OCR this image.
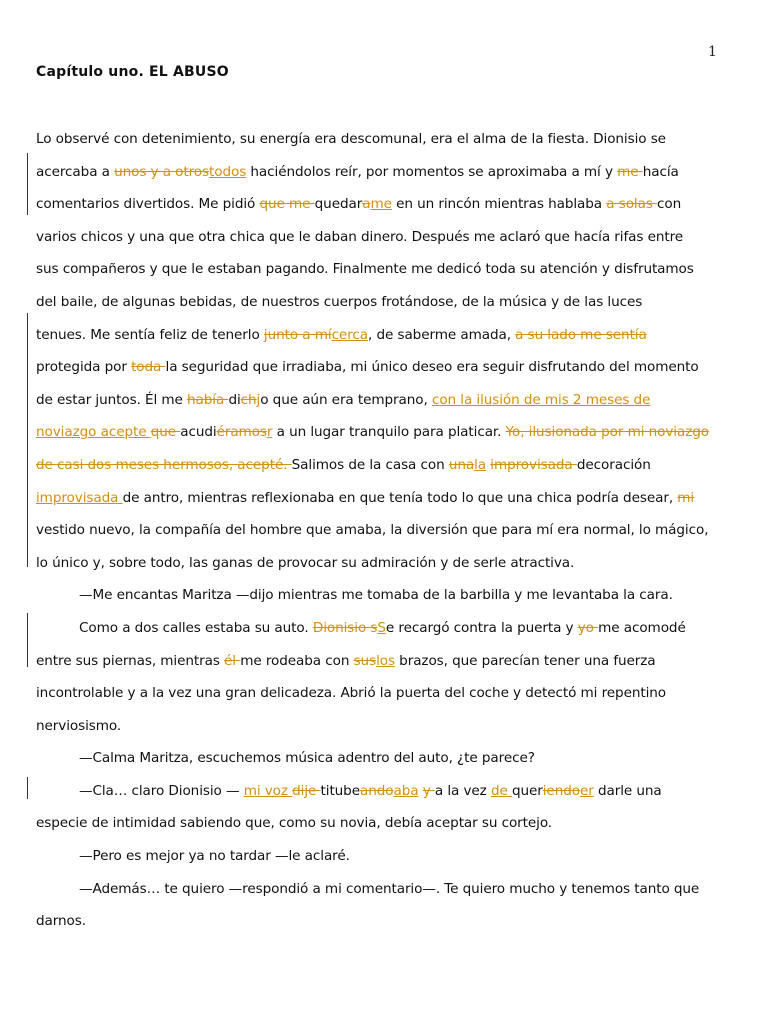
1
Capítulo uno. EL ABUSO
Lo observé con detenimiento, su energía era descomunal, era el alma de la fiesta. Dionisio se
acercaba a unos y a otrostodos haciéndolos reír, por momentos se aproximaba a mí y me hacía
comentarios divertidos. Me pidió que me quedarame en un rincón mientras hablaba a solas con
varios chicos y una que otra chica que le daban dinero. Después me aclaró que hacía rifas entre
sus compañeros y que le estaban pagando. Finalmente me dedicó toda su atención y disfrutamos
del baile, de algunas bebidas, de nuestros cuerpos frotándose, de la música y de las luces
tenues. Me sentía feliz de tenerlo junto a mícerca, de saberme amada, a su lado me sentía
protegida por toda la seguridad que irradiaba, mi único deseo era seguir disfrutando del momento
de estar juntos. Él me había dichjo que aún era temprano, con la ilusión de mis 2 meses de
noviazgo acepte que acudiéramosr a un lugar tranquilo para platicar. Yo, ilusionada por mi noviazgo
de casi dos meses hermosos, acepté. Salimos de la casa con unala improvisada decoración
improvisada de antro, mientras reflexionaba en que tenía todo lo que una chica podría desear, mi
vestido nuevo, la compañía del hombre que amaba, la diversión que para mí era normal, lo mágico,
lo único y, sobre todo, las ganas de provocar su admiración y de serle atractiva.
—Me encantas Maritza —dijo mientras me tomaba de la barbilla y me levantaba la cara.
Como a dos calles estaba su auto. Dionisio sSe recargó contra la puerta y yo me acomodé
entre sus piernas, mientras él me rodeaba con suslos brazos, que parecían tener una fuerza
incontrolable y a la vez una gran delicadeza. Abrió la puerta del coche y detectó mi repentino
nerviosismo.
—Calma Maritza, escuchemos música adentro del auto, ¿te parece?
—Cla… claro Dionisio — mi voz dije titubeandoaba y a la vez de queriendoer darle una
especie de intimidad sabiendo que, como su novia, debía aceptar su cortejo.
—Pero es mejor ya no tardar —le aclaré.
—Además… te quiero —respondió a mi comentario—. Te quiero mucho y tenemos tanto que
darnos.
